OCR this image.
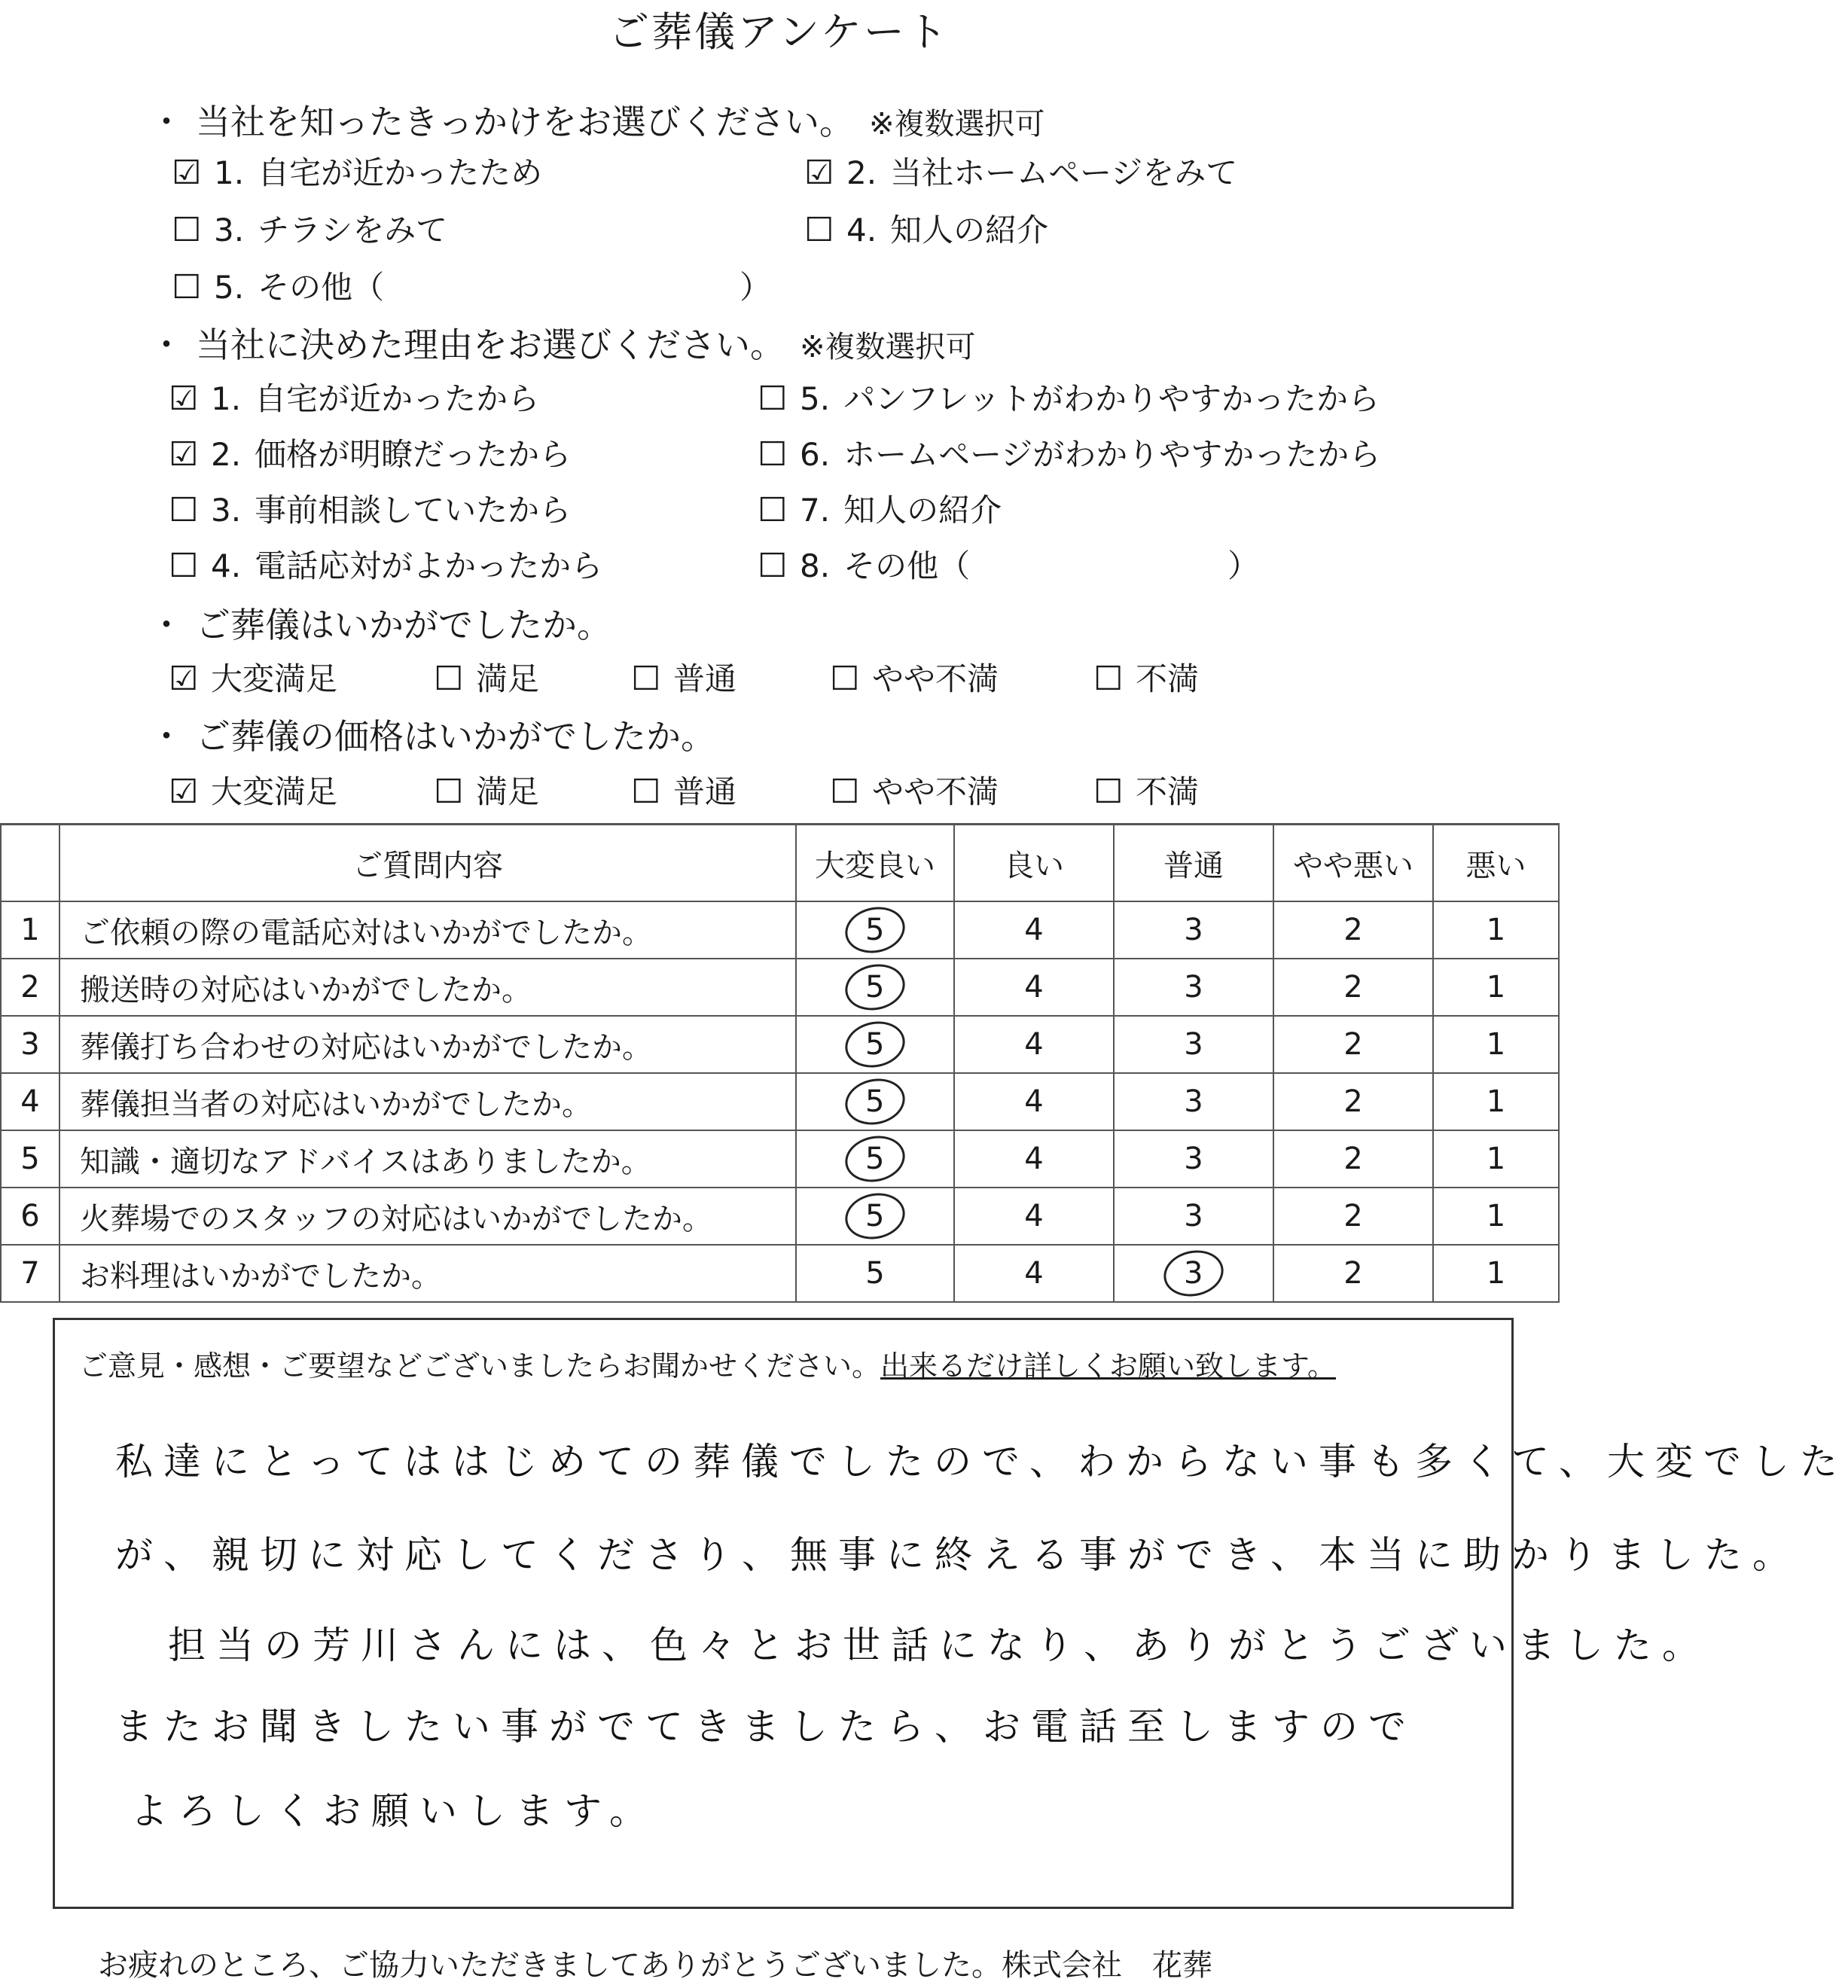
ご葬儀アンケート
・ 当社を知ったきっかけをお選びください。 ※複数選択可
☑ 1. 自宅が近かったため	☑ 2. 当社ホームページをみて
☐ 3. チラシをみて	☐ 4. 知人の紹介
☐ 5. その他（	）
・ 当社に決めた理由をお選びください。 ※複数選択可
☑ 1. 自宅が近かったから
☑ 2. 価格が明瞭だったから
☐ 3. 事前相談していたから
☐ 4. 電話応対がよかったから
☐ 5. パンフレットがわかりやすかったから
☐ 6. ホームページがわかりやすかったから
☐ 7. 知人の紹介
☐ 8. その他（	）
・ ご葬儀はいかがでしたか。
☑ 大変満足	☐ 満足	☐ 普通	☐ やや不満	☐ 不満
・ ご葬儀の価格はいかがでしたか。
☑ 大変満足	☐ 満足	☐ 普通	☐ やや不満	☐ 不満
	ご質問内容	大変良い	良い	普通	やや悪い	悪い
1	ご依頼の際の電話応対はいかがでしたか。	5	4	3	2	1
2	搬送時の対応はいかがでしたか。	5	4	3	2	1
3	葬儀打ち合わせの対応はいかがでしたか。	5	4	3	2	1
4	葬儀担当者の対応はいかがでしたか。	5	4	3	2	1
5	知識・適切なアドバイスはありましたか。	5	4	3	2	1
6	火葬場でのスタッフの対応はいかがでしたか。	5	4	3	2	1
7	お料理はいかがでしたか。	5	4	3	2	1
ご意見・感想・ご要望などございましたらお聞かせください。出来るだけ詳しくお願い致します。
私達にとってははじめての葬儀でしたので、わからない事も多くて、大変でした
が、親切に対応してくださり、無事に終える事ができ、本当に助かりました。
担当の芳川さんには、色々とお世話になり、ありがとうございました。
またお聞きしたい事がでてきましたら、お電話至しますので
よろしくお願いします。
お疲れのところ、ご協力いただきましてありがとうございました。株式会社　花葬
